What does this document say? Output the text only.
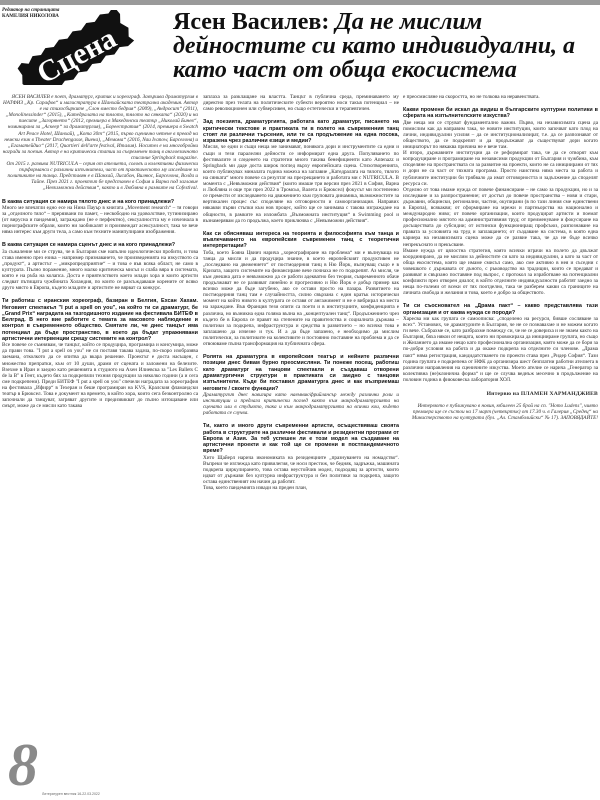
Редактор на страницата
КАМЕЛИЯ НИКОЛОВА
Сцена Ясен Василев: Да не мислим дейностите си като индивидуални, а като част от обща екосистема

ЯСЕН ВАСИЛЕВ е поет, драматург, критик и хореограф. Завършва драматургия в НАТФИЗ „Кр. Сарафов“ и магистратура в Шанхайската театрална академия. Автор е на стихосбирките „Слон вместо бедрия“ (2009), „Андросит“ (2011), „Monolinessinder“ (2015), „Катедралата на тялото, тялото на сянката“ (2020) и на пиесите „Загорянето“ (2012, премиера в Македонски театър „Николай Бинев“, номинирана за „Аскеер“ за драматургия), „Бореестратия“ (2014, премиера в Swatch Art Peace Hotel, Шанхай), „Кота 30m“ (2015, първо сценично четене в превод на немски език в Theater Drachengasse, Виена), „Мемома“ (2016, Nau Ivanow, Барселона) и „Егаматейдио“ (2017, Quartieri dell'arte festival, Италия). Носител е на многобройни награди за поезия. Автор е на критически статии за съвременен танц в англоезичното списание Springback magazine.

От 2015 г. развива NUTRICULA – серия от ателиета, соловъ и колективни физически пърформанси с различни изпълнители, част от практическото му изследване за политиките на танца. Представян е в Шанхай, Лисабон, Вилнюс, Барселона, Волда и Тайпе. През 2021 г. проектът бе представен в София и Варна под заглавие „Невъзможни действия“, както и в Любляна в рамките на Cofestival.

В каква ситуация се намира тялото днес и на кого принадлежи?

Много ме впечатли едно есе на Нина Пауър в книгата „Movement research“ – тя говори за „отделното тяло“ – прерязвани по памет, – несвободно на удоволствие, тутинизирано (от вирусна и пандемия), загражданo (не е перфектно), сексуалността му е изчезнала в порнографските образи, които ни заобикалят и произвеждат асексуалност, така че вече няма интерес към други тела, а само към техните манипулирани изображения.

В каква ситуация се намира сценът днес и на кого принадлежи?

За съжаление ми се струва, че в България сме напълно идеологически пробити, и това става именно през езика – например признаването, че произведенията на изкуството са „продукт“, а артистът – „микропредприятие“ – и това е във всяка област, не само в културата. Пълно поражение, много малко критическа мисъл и слаба вяра в системата, която е на ръба на колапса. Доста е приятелството което млади хора и които артисти следват пътищата чужбината Холандия, по които се разсъждаваше корените от всяко друго място в Европа, където младите и артистите не вярват са конкурс.

Ти работиш с иранския хореограф, базиран в Белгия, Ехсан Хахам. Неговият спектакъл "I put a spell on you", на който ти си драматург, бе „Grand Prix“ наградата на тазгодишното издание на фестивала БИТЕФ в Белград. В него вие работите с темата за масовото наблюдение и контрол в съвременното общество. Смятате ли, че днес танцът има потенциал да бъде пространство, в което да бъдат упражнявани артистични интервенции срещу системите на контрол?

Все повече се съмнявам, че танцът, който се продуцира, програмира и консумира, може да прави това. "I put a spell on you" не си поставя такава задача, по-скоро изобразява заемана, отколкото да се опитва да вкара решение. Проектът е доста насъщен, с множество препратки, към от 10 души, драми от сцената и заложени на белезите. Взехме в Иран и заедно като решенията в студиото на Ахен Илиевска за "Les Ballets C de la B" в Гент, където бях за подкрепяли техния продукции за няколко години (а и сега сме подкрепени). Преди БИТЕФ "I put a spell on you" спечели наградата за хореография на фестивала „Ифирр“ в Техеран и беше програмиран на KVS, Кралския фламандски театър в Брюксел. Това е документ на времето, в който хора, които сега безконтролно са започнали да танцуват, загряват другите и предизвикват до пълно изтощаване или смърт, може да се мисли като такава

заплаха за разклащане на властта. Танцът в публична среда, преминаването му директно през телата на политическите субекти вероятно носи такъв потенциал – не само революционен или субверсивен, но също естетически и терапевтичен.

Зад поезията, драматургията, работата като драматург, писането на критически текстове и практиката ти в полето на съвременния танц стоят ли различни търсения, или те са продължение на една посока, изразена чрез различни езици и медии?

Мисля, че едни и същи неща ме занимават, понякога дори и инструментите са едни и същи и тези паралелни дейности се информират една друга. Популяването по фестивалите и следенето на стратегии много такива бенефициенти като Antenazz и Springback ми даде доста широк поглед върху европейската сцена. Стихотворенията, които публикувах миналата година можеха на заглавие „Катедралата на тялото, тялото на сянката“ много повече са резултат на пресрещането и работата ми с NUTRICULA. В момента с „Невъзможни действия“ (които имаше три версии през 2021 в София, Варна и Любляна и още три през 2022 в Тромсьо, Валета и Брюксел) фокусът ми постепенно се премести от изследването на движението към груповата динамика, възможностите за вертикален процес със споделяне на отговорности и самоорганизация. Направих някакви първи стъпки към нов процес, който ще се занимава с такова изграждане на общности, в рамките на изложбата „Възможната институция“ в Swimming pool и възнамерявам да го продължа, което приключва с „Невъзможни действия“.

Как си обясняваш интереса на теорията и философията към танца и въвлечаването на европейския съвременен танц с теоретични интерпретации?

Тоба, което Бояна Цвиич нарича „хореографиране на проблема“ ми е вълнуваща на танца да мисли и да продуцира знание, в което европейският продуктивен не „последвано на двежението“ от постмодерния танц в Ню Йорк, вълнуващ също е в Кризата, защото системите на финансиране вече почнаха не го подкрепят. Аз мисля, че към днешна дата е невъзможно да се работи адекватно без теория, съвременното обаче продължават не се развиват линейно и прогресивно и Ню Йорк е добър пример как всичко може да бъде загубено, ако се остави просто на пазара. Развитието на постмодерния танц там е случайността, силно свързана с един кратък исторически момент на който нивото в културата се оставя от ангажимент и не е вибрирал на места на зараждане. Във Франция тези опити са поети и в институциите, конфиденцията е различна, но възникна една голяма вълна на „концептуален танц“. Продължението чрез където бе в Европа се правят на степените на правителства и социалната държава – политики за подкрепа, инфраструктура и средства в развитието – но всичко това е заплашено да изчезне и тук. И а да бъде запазено, е необходимо да мислим политически, за политиките на колективите и постоянно поставяне на проблема и да се отвоюваме пълна трансформация на публичната сфера.

Ролята на драматурга в европейския театър и нейните различни позиции днес бивам бурно преосмисляни. Ти понеже посещ, работиш като драматург на танцови спектакли и създаваш отворени драматургични структури в практиката си заедно с танцови изпълнители. Къде би поставил драматурга днес и как възприемаш неговите / своите функции?

Драматургът днес навигира като наемник/фрийлансър между различни роли и институции и предлага критически поглед както към макродраматургията на сцената или в студиото, така и към макродраматургията на всички кои, където работата се случва.

Ти, както и много други съвременни артисти, осъществяваш своята работа в структурите на различни фестивали и резидентни програми от Европа и Азия. За теб успешен ли е този модел на създаване на артистични проекти и как той ще се промени в постпандемичното време?

Хито Щайерл нарича икономиката на резиденциите „празнуването на номадство“. Въпреки че изглежда като привилегия, че носи престиж, че бедняк, задръжкa, машината подкрепа циркулирането, това остава неустойчив модел, подходящ за артисти, които идват от държави без културна инфраструктура и без политики за подкрепа, защото остава единственият им начин да работят.

Това, което пандемията извади на преден план,

е преосмисляне на скоростта, но не толкова на неравенствата.

Какви промени би искал да видиш в българските културни политики в сферата на изпълнителските изкуства?

Две неща ми се струват фундаментално важни. Първо, на независимата сцена да помислим как да направим така, че новите институции, които започват като плод на лични, индивидуални усилия – да се институционализират, т.е. да се разпознават от обществото, да се подкрепят и да продължават да съществуват дори когато инициаторът по някаква причина не е вече там.

И второ, държавните институции да се реформират така, че да се отворят към копродуциране и програмиране на независими продукции от България и чужбина, към споделяне на пространствата си за развитие на проекти, които не са инициирани от тях и дори не са част от тяхната програма. Просто наистина няма места за работа и публичните институции би трябвало да имат отговорността и задължение да споделят ресурса си.

Отделно от това имаме нужда от повече финансиране – не само за продукции, но и за изследване и за разпространение; от достъп до повече пространства – нови и стари, държавни, общински, регионални, частни, окупирани (в по тази линия сме единствени в Европа), всякакви; от сформиране на мрежи и партньорства на национално и международно ниво; от повече организации, които продуцират артисти и поемат професионално мястото на административния труд; от преименуване и фокусиране на досъществата до субсидии; от истински функциониращ профсъюз, разпознаване на правата за условията на труд и заплащането; от създаване на система, в която една кариера на независимата сцена може да се развие така, че да не бъде всичко непрекъснато и прекъсване.

Имаме нужда от цялостна стратегия, която всички играчи на полето да двължат координирано, да не мислим за дейностите си като за индивидуални, а като за част от обща екосистема, която ще имаме смисъл само, ако сме активно в нея и съседни с човешкото с държавата от дъното, с ръководство на традиции, които се предават и развиват и свързано поставяне под въпрос, с протокол за изработване на потенциални конфликти през отворен диалог, в който отделните индивидуалности работят заедно за неща по-големи от всеки от тях поотделно, така че разберем какви са границите на личната свобода и желания и това, което е добро за обществото.

Ти си съосновател на „Драма пакт“ – какво представлява тази организация и от каква нужда се породи?

Харесва ми как групата се самоописва: „споделено на ресурси, бивше сосляване за всех“. Установих, че драматурзите в България, че не се познавахме и не можем когато ги вече. Събрахме се, като разбрахме помежду си, че не се довериха и не знаем както на България, бяха някои от нещата, които ни провокираха да инициираме групата, но също и Желанието да имаме нещо като професионална организация, която може да се бори за по-добри условия на работа и да окаже подкрепа на отделните си членове. „Драма пакт“ няма регистрация, кандидатстването по проекти става през „Ридер София“. Тази година групата е подкрепена от НФК да организира шест безплатни работни ателиета в различни направления на сценичните изкуства. Моето ателие се нарича „Генератор за колективна (не)клонична форма“ и ще се случва веднъж месечно в продължение на половин година в фиюковеска лаборатория ХОЛ.

Интервю на ПЛАМЕН ХАРМАНДЖИЕВ

Интервюто е публикувано в новия, юбилеен 25 брой на сп. "Homo Ludens", чиято премиера ще се състои на 17 март (четвъртък) от 17.30 ч. в Галерия „Средец“ на Министерството на културата (бул. „Ал. Стамболийски“ № 17). ЗАПОВЯДАЙТЕ!

8 Литературен вестник 16-22.03.2022
